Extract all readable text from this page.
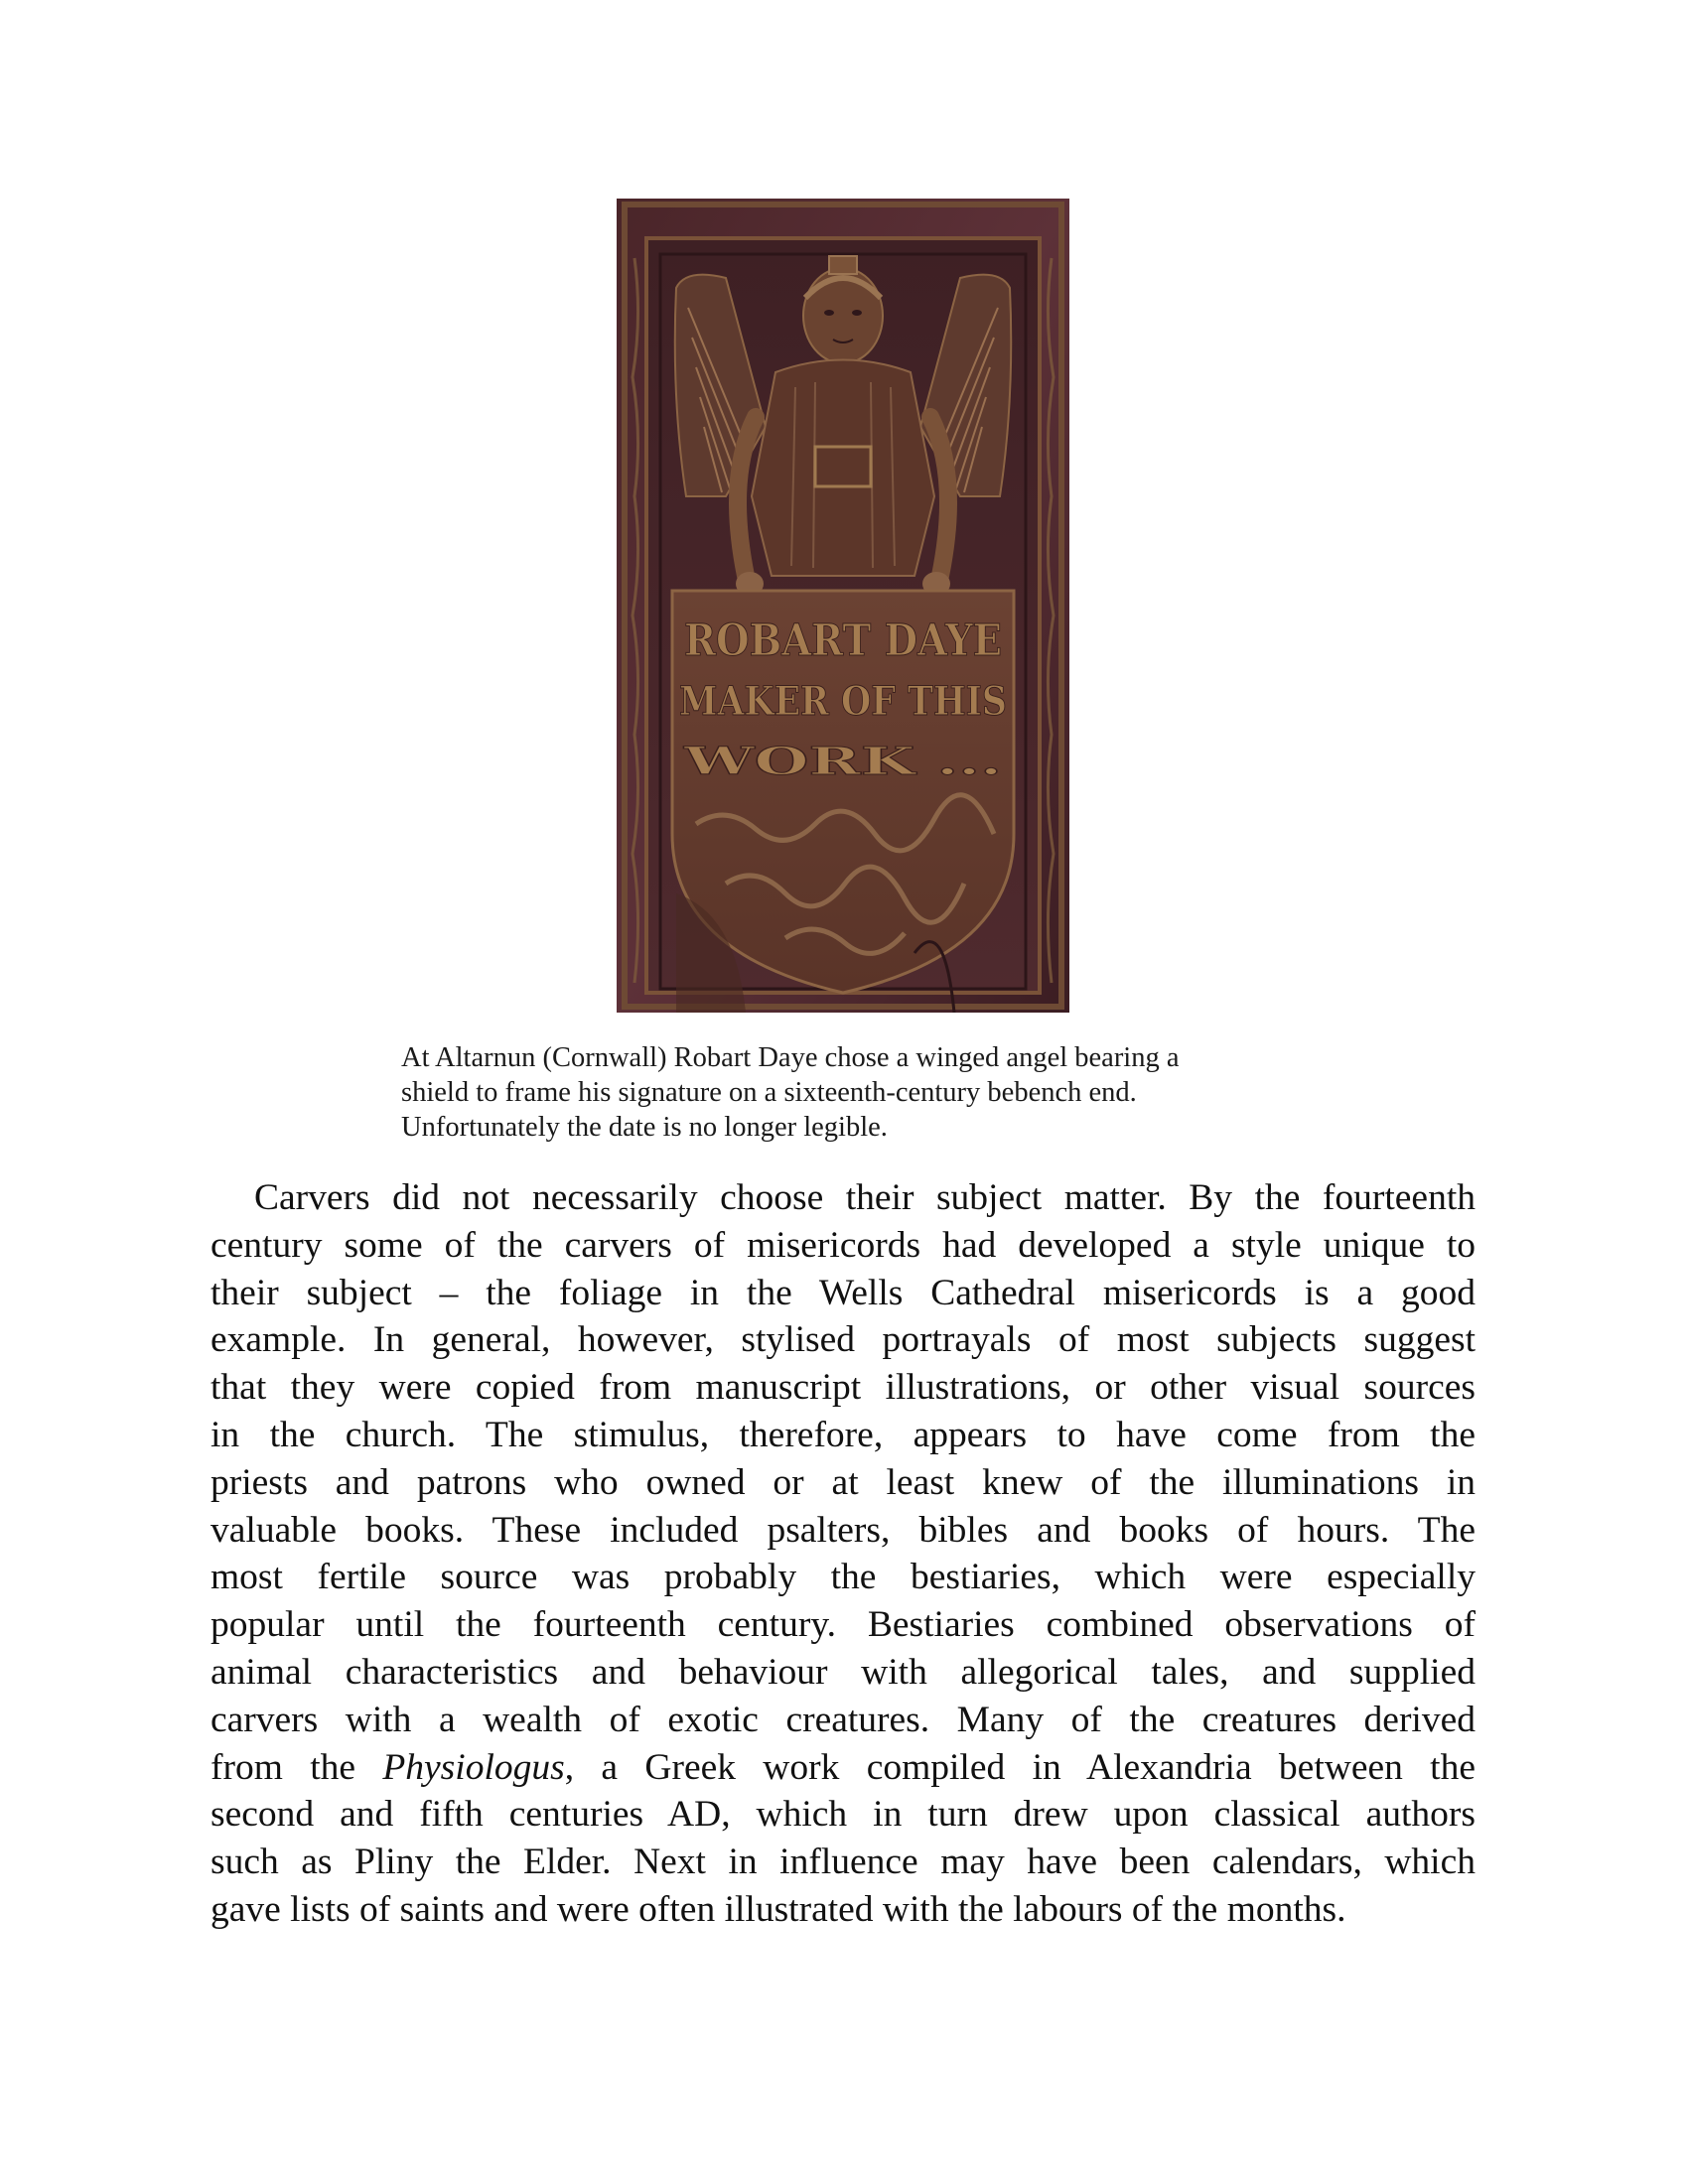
ROBART DAYE
MAKER OF THIS
WORK ...

At Altarnun (Cornwall) Robart Daye chose a winged angel bearing a

shield to frame his signature on a sixteenth-century bebench end.

Unfortunately the date is no longer legible.

Carvers did not necessarily choose their subject matter. By the fourteenth
century some of the carvers of misericords had developed a style unique to
their subject – the foliage in the Wells Cathedral misericords is a good
example. In general, however, stylised portrayals of most subjects suggest
that they were copied from manuscript illustrations, or other visual sources
in the church. The stimulus, therefore, appears to have come from the
priests and patrons who owned or at least knew of the illuminations in
valuable books. These included psalters, bibles and books of hours. The
most fertile source was probably the bestiaries, which were especially
popular until the fourteenth century. Bestiaries combined observations of
animal characteristics and behaviour with allegorical tales, and supplied
carvers with a wealth of exotic creatures. Many of the creatures derived
from the Physiologus, a Greek work compiled in Alexandria between the
second and fifth centuries AD, which in turn drew upon classical authors
such as Pliny the Elder. Next in influence may have been calendars, which
gave lists of saints and were often illustrated with the labours of the months.
